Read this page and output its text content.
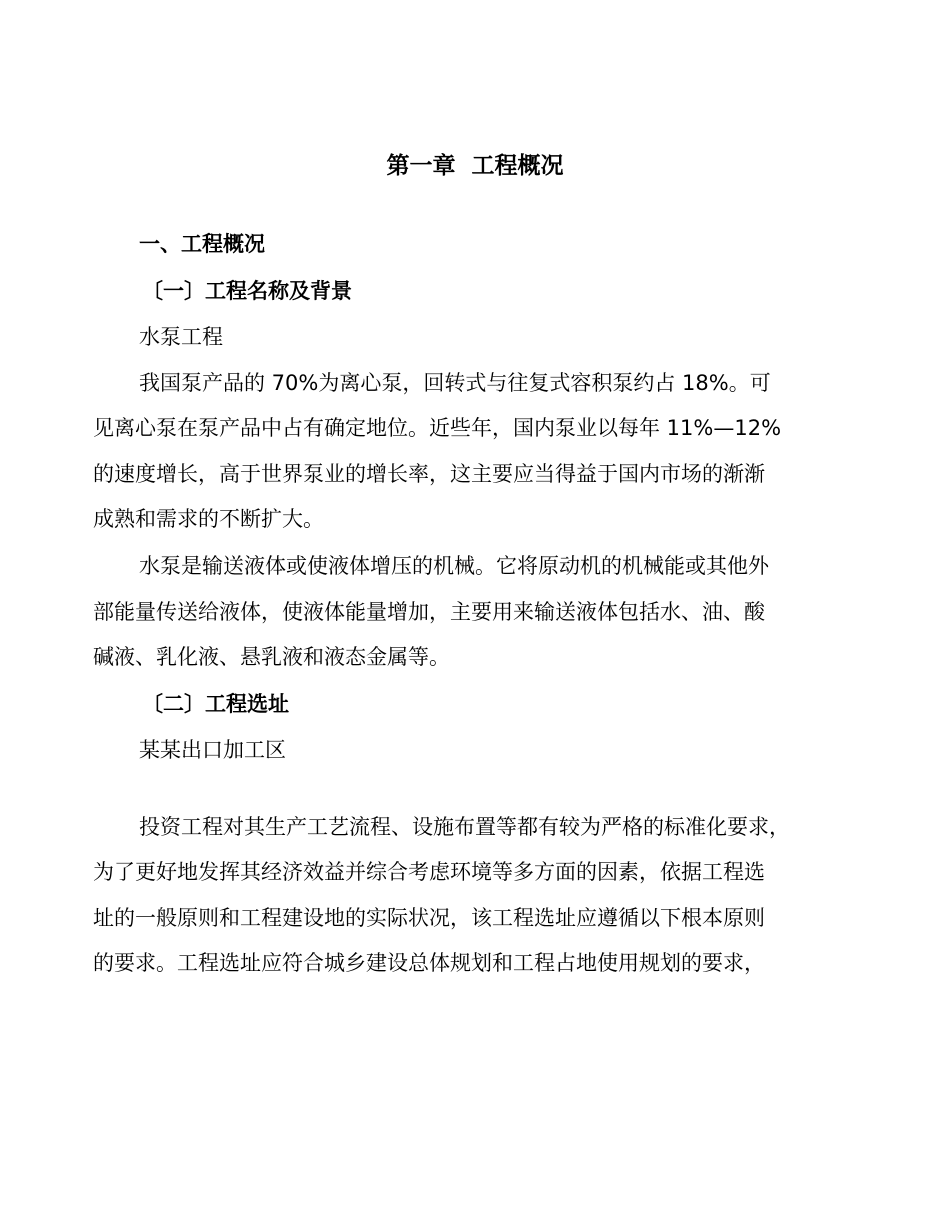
第一章  工程概况
一、工程概况
〔一〕工程名称及背景
水泵工程
我国泵产品的 70%为离心泵，回转式与往复式容积泵约占 18%。可
见离心泵在泵产品中占有确定地位。近些年，国内泵业以每年 11%—12%
的速度增长，高于世界泵业的增长率，这主要应当得益于国内市场的渐渐
成熟和需求的不断扩大。
水泵是输送液体或使液体增压的机械。它将原动机的机械能或其他外
部能量传送给液体，使液体能量增加，主要用来输送液体包括水、油、酸
碱液、乳化液、悬乳液和液态金属等。
〔二〕工程选址
某某出口加工区
投资工程对其生产工艺流程、设施布置等都有较为严格的标准化要求，
为了更好地发挥其经济效益并综合考虑环境等多方面的因素，依据工程选
址的一般原则和工程建设地的实际状况，该工程选址应遵循以下根本原则
的要求。工程选址应符合城乡建设总体规划和工程占地使用规划的要求，
